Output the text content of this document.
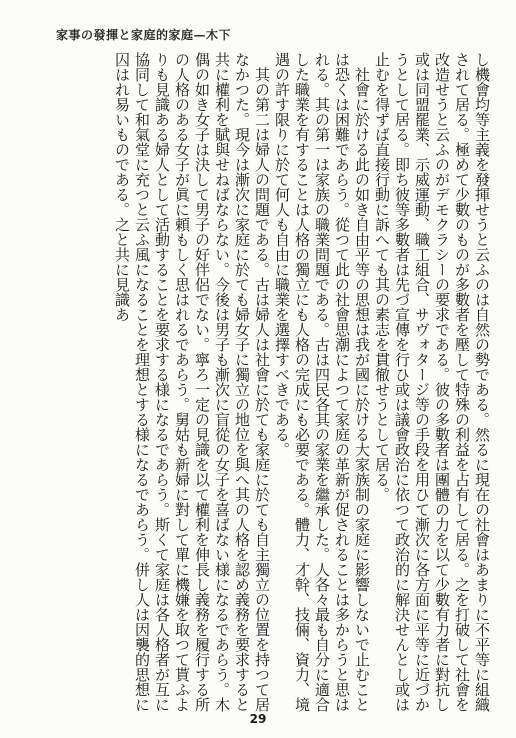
家事の發揮と家庭的家庭—木下

し機會均等主義を發揮せうと云ふのは自然の勢である。然るに現在の社會はあまりに不平等に組織されて居る。極めて少數のものが多數者を壓して特殊の利益を占有して居る。之を打破して社會を改造せうと云ふのがデモクラシーの要求である。彼の多數者は團體の力を以て少數有力者に對抗し或は同盟罷業、示威運動、職工組合、サヴォタージ等の手段を用ひて漸次に各方面に平等に近づかうとして居る。即ち彼等多數者は先づ宣傳を行ひ或は議會政治に依つて政治的に解決せんとし或は止むを得ずば直接行動に訴へても其の素志を貫徹せうとして居る。

社會に於ける此の如き自由平等の思想は我が國に於ける大家族制の家庭に影響しないで止むことは恐くは困難であらう。從つて此の社會思潮によつて家庭の革新が促されることは多からうと思はれる。其の第一は家族の職業問題である。古は四民各其の家業を繼承した。人各々最も自分に適合した職業を有することは人格の獨立にも人格の完成にも必要である。體力、才幹、技倆、資力、境遇の許す限りに於て何人も自由に職業を選擇すべきである。

其の第二は婦人の問題である。古は婦人は社會に於ても家庭に於ても自主獨立の位置を持つて居なかつた。現今は漸次に家庭に於ても婦女子に獨立の地位を與へ其の人格を認め義務を要求すると共に權利を賦與せねばならない。今後は男子も漸次に盲從の女子を喜ばない様になるであらう。木偶の如き女子は決して男子の好伴侶でない。寧ろ一定の見識を以て權利を伸長し義務を履行する所の人格のある女子が眞に頼もしく思はれるであらう。舅姑も新婦に對して單に機嫌を取つて貰ふよりも見識ある婦人として活動することを要求する様になるであらう。斯くて家庭は各人格者が互に協同して和氣堂に充つと云ふ風になることを理想とする様になるであらう。併し人は因襲的思想に囚はれ易いものである。之と共に見識あ

29
